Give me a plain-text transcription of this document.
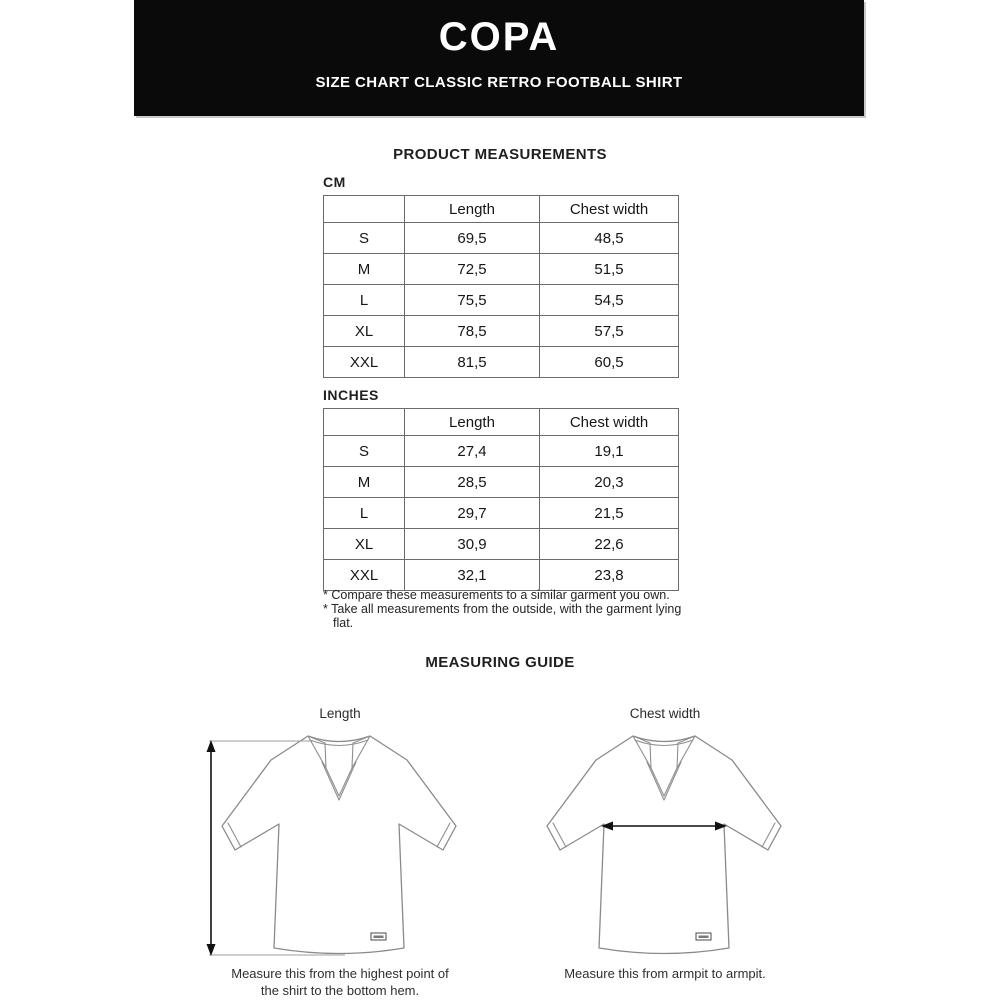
COPA
SIZE CHART CLASSIC RETRO FOOTBALL SHIRT
PRODUCT MEASUREMENTS
CM
	Length	Chest width
S	69,5	48,5
M	72,5	51,5
L	75,5	54,5
XL	78,5	57,5
XXL	81,5	60,5
INCHES
	Length	Chest width
S	27,4	19,1
M	28,5	20,3
L	29,7	21,5
XL	30,9	22,6
XXL	32,1	23,8
* Compare these measurements to a similar garment you own.
* Take all measurements from the outside, with the garment lying flat.
MEASURING GUIDE
Length
Measure this from the highest point of the shirt to the bottom hem.
Chest width
Measure this from armpit to armpit.
